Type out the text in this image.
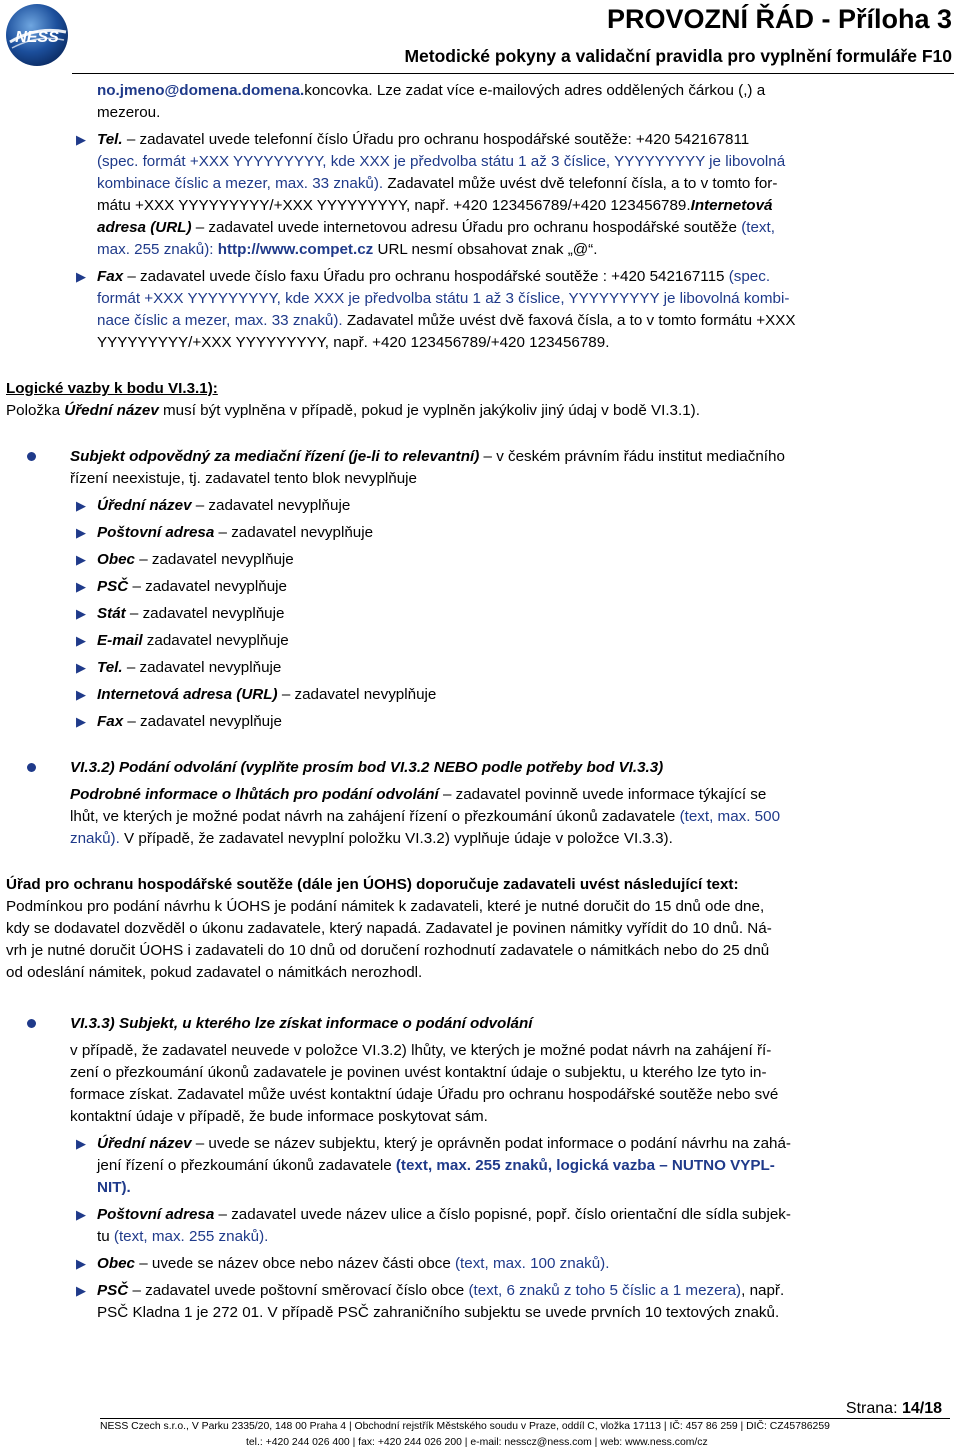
NESS
PROVOZNÍ ŘÁD - Příloha 3
Metodické pokyny a validační pravidla pro vyplnění formuláře F10
no.jmeno@domena.domena.koncovka. Lze zadat více e-mailových adres oddělených čárkou (,) a
mezerou.
▶ Tel. – zadavatel uvede telefonní číslo Úřadu pro ochranu hospodářské soutěže: +420 542167811
(spec. formát +XXX YYYYYYYYY, kde XXX je předvolba státu 1 až 3 číslice, YYYYYYYYY je libovolná
kombinace číslic a mezer, max. 33 znaků). Zadavatel může uvést dvě telefonní čísla, a to v tomto for-
mátu +XXX YYYYYYYYY/+XXX YYYYYYYYY, např. +420 123456789/+420 123456789.Internetová
adresa (URL) – zadavatel uvede internetovou adresu Úřadu pro ochranu hospodářské soutěže (text,
max. 255 znaků): http://www.compet.cz URL nesmí obsahovat znak „@“.
▶ Fax – zadavatel uvede číslo faxu Úřadu pro ochranu hospodářské soutěže : +420 542167115 (spec.
formát +XXX YYYYYYYYY, kde XXX je předvolba státu 1 až 3 číslice, YYYYYYYYY je libovolná kombi-
nace číslic a mezer, max. 33 znaků). Zadavatel může uvést dvě faxová čísla, a to v tomto formátu +XXX
YYYYYYYYY/+XXX YYYYYYYYY, např. +420 123456789/+420 123456789.
Logické vazby k bodu VI.3.1):
Položka Úřední název musí být vyplněna v případě, pokud je vyplněn jakýkoliv jiný údaj v bodě VI.3.1).
Subjekt odpovědný za mediační řízení (je-li to relevantní) – v českém právním řádu institut mediačního
řízení neexistuje, tj. zadavatel tento blok nevyplňuje
▶ Úřední název – zadavatel nevyplňuje
▶ Poštovní adresa – zadavatel nevyplňuje
▶ Obec – zadavatel nevyplňuje
▶ PSČ – zadavatel nevyplňuje
▶ Stát – zadavatel nevyplňuje
▶ E-mail zadavatel nevyplňuje
▶ Tel. – zadavatel nevyplňuje
▶ Internetová adresa (URL) – zadavatel nevyplňuje
▶ Fax – zadavatel nevyplňuje
VI.3.2) Podání odvolání (vyplňte prosím bod VI.3.2 NEBO podle potřeby bod VI.3.3)
Podrobné informace o lhůtách pro podání odvolání – zadavatel povinně uvede informace týkající se
lhůt, ve kterých je možné podat návrh na zahájení řízení o přezkoumání úkonů zadavatele (text, max. 500
znaků). V případě, že zadavatel nevyplní položku VI.3.2) vyplňuje údaje v položce VI.3.3).
Úřad pro ochranu hospodářské soutěže (dále jen ÚOHS) doporučuje zadavateli uvést následující text:
Podmínkou pro podání návrhu k ÚOHS je podání námitek k zadavateli, které je nutné doručit do 15 dnů ode dne,
kdy se dodavatel dozvěděl o úkonu zadavatele, který napadá. Zadavatel je povinen námitky vyřídit do 10 dnů. Ná-
vrh je nutné doručit ÚOHS i zadavateli do 10 dnů od doručení rozhodnutí zadavatele o námitkách nebo do 25 dnů
od odeslání námitek, pokud zadavatel o námitkách nerozhodl.
VI.3.3) Subjekt, u kterého lze získat informace o podání odvolání
v případě, že zadavatel neuvede v položce VI.3.2) lhůty, ve kterých je možné podat návrh na zahájení ří-
zení o přezkoumání úkonů zadavatele je povinen uvést kontaktní údaje o subjektu, u kterého lze tyto in-
formace získat. Zadavatel může uvést kontaktní údaje Úřadu pro ochranu hospodářské soutěže nebo své
kontaktní údaje v případě, že bude informace poskytovat sám.
▶ Úřední název – uvede se název subjektu, který je oprávněn podat informace o podání návrhu na zahá-
jení řízení o přezkoumání úkonů zadavatele (text, max. 255 znaků, logická vazba – NUTNO VYPL-
NIT).
▶ Poštovní adresa – zadavatel uvede název ulice a číslo popisné, popř. číslo orientační dle sídla subjek-
tu (text, max. 255 znaků).
▶ Obec – uvede se název obce nebo název části obce (text, max. 100 znaků).
▶ PSČ – zadavatel uvede poštovní směrovací číslo obce (text, 6 znaků z toho 5 číslic a 1 mezera), např.
PSČ Kladna 1 je 272 01. V případě PSČ zahraničního subjektu se uvede prvních 10 textových znaků.
Strana: 14/18
NESS Czech s.r.o., V Parku 2335/20, 148 00 Praha 4 | Obchodní rejstřík Městského soudu v Praze, oddíl C, vložka 17113 | IČ: 457 86 259 | DIČ: CZ45786259
tel.: +420 244 026 400 | fax: +420 244 026 200 | e-mail: nesscz@ness.com | web: www.ness.com/cz
